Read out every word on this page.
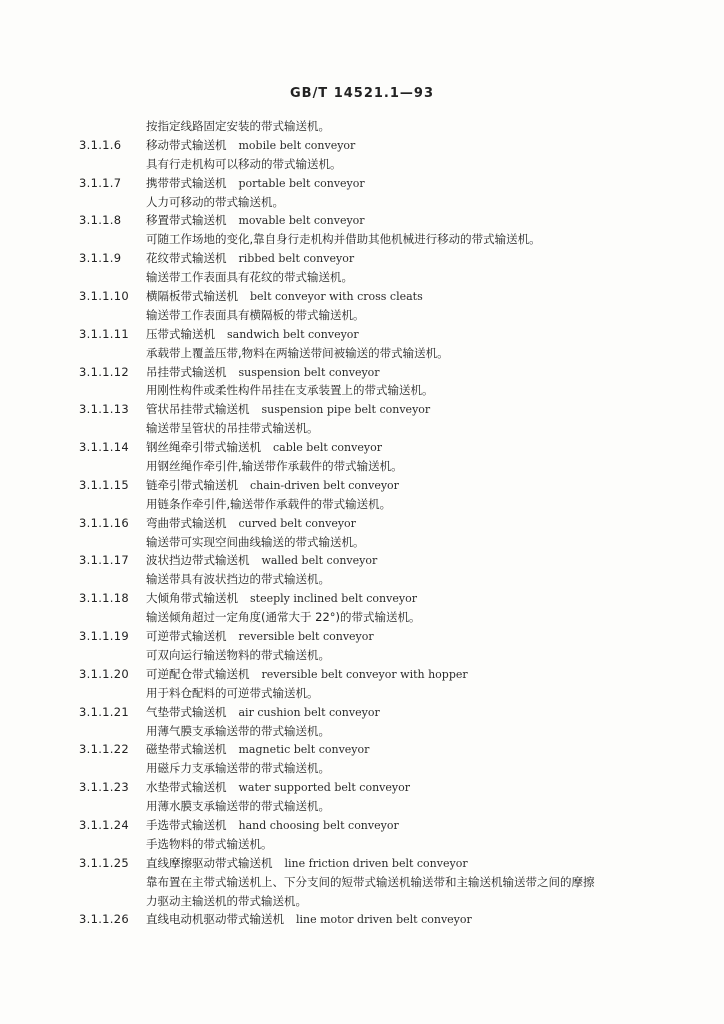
GB/T 14521.1—93
按指定线路固定安装的带式输送机。
3.1.1.6	移动带式输送机 mobile belt conveyor
具有行走机构可以移动的带式输送机。
3.1.1.7	携带带式输送机 portable belt conveyor
人力可移动的带式输送机。
3.1.1.8	移置带式输送机 movable belt conveyor
可随工作场地的变化,靠自身行走机构并借助其他机械进行移动的带式输送机。
3.1.1.9	花纹带式输送机 ribbed belt conveyor
输送带工作表面具有花纹的带式输送机。
3.1.1.10	横隔板带式输送机 belt conveyor with cross cleats
输送带工作表面具有横隔板的带式输送机。
3.1.1.11	压带式输送机 sandwich belt conveyor
承载带上覆盖压带,物料在两输送带间被输送的带式输送机。
3.1.1.12	吊挂带式输送机 suspension belt conveyor
用刚性构件或柔性构件吊挂在支承装置上的带式输送机。
3.1.1.13	管状吊挂带式输送机 suspension pipe belt conveyor
输送带呈管状的吊挂带式输送机。
3.1.1.14	钢丝绳牵引带式输送机 cable belt conveyor
用钢丝绳作牵引件,输送带作承载件的带式输送机。
3.1.1.15	链牵引带式输送机 chain-driven belt conveyor
用链条作牵引件,输送带作承载件的带式输送机。
3.1.1.16	弯曲带式输送机 curved belt conveyor
输送带可实现空间曲线输送的带式输送机。
3.1.1.17	波状挡边带式输送机 walled belt conveyor
输送带具有波状挡边的带式输送机。
3.1.1.18	大倾角带式输送机 steeply inclined belt conveyor
输送倾角超过一定角度(通常大于 22°)的带式输送机。
3.1.1.19	可逆带式输送机 reversible belt conveyor
可双向运行输送物料的带式输送机。
3.1.1.20	可逆配仓带式输送机 reversible belt conveyor with hopper
用于料仓配料的可逆带式输送机。
3.1.1.21	气垫带式输送机 air cushion belt conveyor
用薄气膜支承输送带的带式输送机。
3.1.1.22	磁垫带式输送机 magnetic belt conveyor
用磁斥力支承输送带的带式输送机。
3.1.1.23	水垫带式输送机 water supported belt conveyor
用薄水膜支承输送带的带式输送机。
3.1.1.24	手选带式输送机 hand choosing belt conveyor
手选物料的带式输送机。
3.1.1.25	直线摩擦驱动带式输送机 line friction driven belt conveyor
靠布置在主带式输送机上、下分支间的短带式输送机输送带和主输送机输送带之间的摩擦
力驱动主输送机的带式输送机。
3.1.1.26	直线电动机驱动带式输送机 line motor driven belt conveyor
